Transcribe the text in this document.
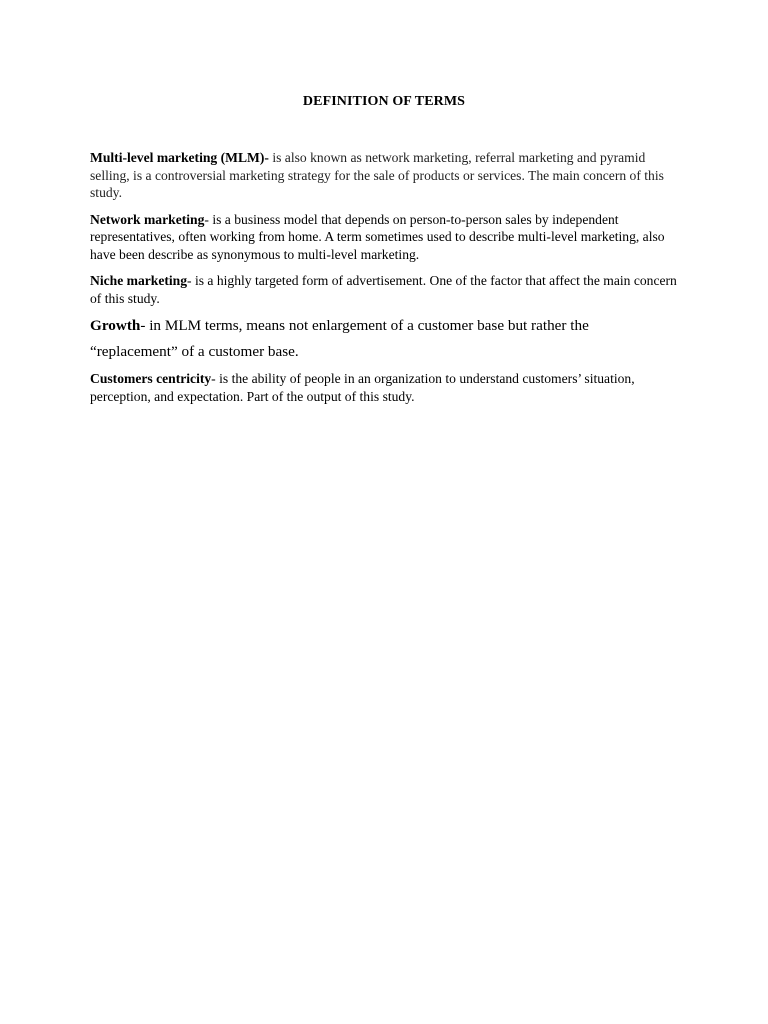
DEFINITION OF TERMS

Multi-level marketing (MLM)- is also known as network marketing, referral marketing and pyramid selling, is a controversial marketing strategy for the sale of products or services. The main concern of this study.

Network marketing- is a business model that depends on person-to-person sales by independent representatives, often working from home. A term sometimes used to describe multi-level marketing, also have been describe as synonymous to multi-level marketing.

Niche marketing- is a highly targeted form of advertisement. One of the factor that affect the main concern of this study.

Growth- in MLM terms, means not enlargement of a customer base but rather the

“replacement” of a customer base.

Customers centricity- is the ability of people in an organization to understand customers’ situation, perception, and expectation. Part of the output of this study.
